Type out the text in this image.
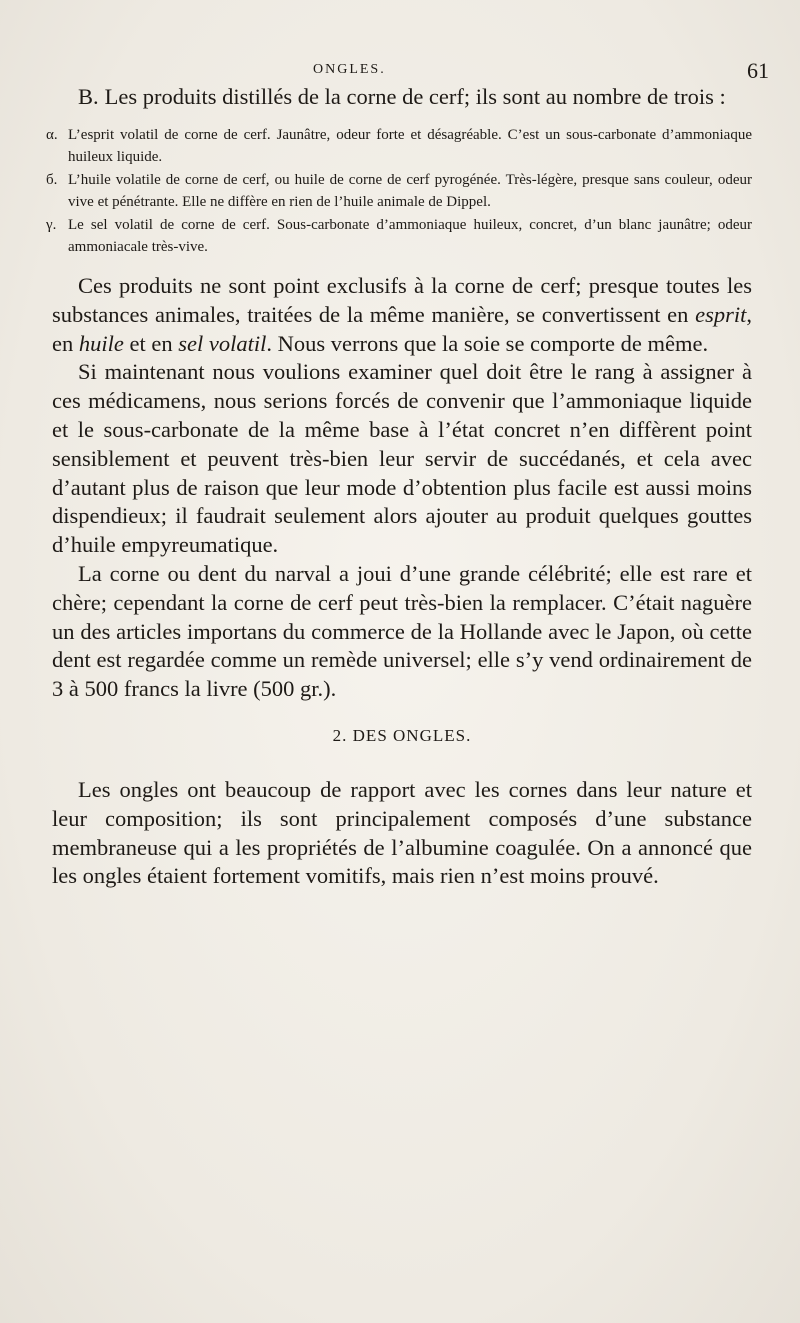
ONGLES.	61

B. Les produits distillés de la corne de cerf; ils sont au nombre de trois :

α. L’esprit volatil de corne de cerf. Jaunâtre, odeur forte et désagréable. C’est un sous-carbonate d’ammoniaque huileux liquide.

б. L’huile volatile de corne de cerf, ou huile de corne de cerf pyrogénée. Très-légère, presque sans couleur, odeur vive et pénétrante. Elle ne diffère en rien de l’huile animale de Dippel.

γ. Le sel volatil de corne de cerf. Sous-carbonate d’ammoniaque huileux, concret, d’un blanc jaunâtre; odeur ammoniacale très-vive.

Ces produits ne sont point exclusifs à la corne de cerf; presque toutes les substances animales, traitées de la même manière, se convertissent en esprit, en huile et en sel volatil. Nous verrons que la soie se comporte de même.

Si maintenant nous voulions examiner quel doit être le rang à assigner à ces médicamens, nous serions forcés de convenir que l’ammoniaque liquide et le sous-carbonate de la même base à l’état concret n’en diffèrent point sensiblement et peuvent très-bien leur servir de succédanés, et cela avec d’autant plus de raison que leur mode d’obtention plus facile est aussi moins dispendieux; il faudrait seulement alors ajouter au produit quelques gouttes d’huile empyreumatique.

La corne ou dent du narval a joui d’une grande célébrité; elle est rare et chère; cependant la corne de cerf peut très-bien la remplacer. C’était naguère un des articles importans du commerce de la Hollande avec le Japon, où cette dent est regardée comme un remède universel; elle s’y vend ordinairement de 3 à 500 francs la livre (500 gr.).

2. DES ONGLES.

Les ongles ont beaucoup de rapport avec les cornes dans leur nature et leur composition; ils sont principalement composés d’une substance membraneuse qui a les propriétés de l’albumine coagulée. On a annoncé que les ongles étaient fortement vomitifs, mais rien n’est moins prouvé.
